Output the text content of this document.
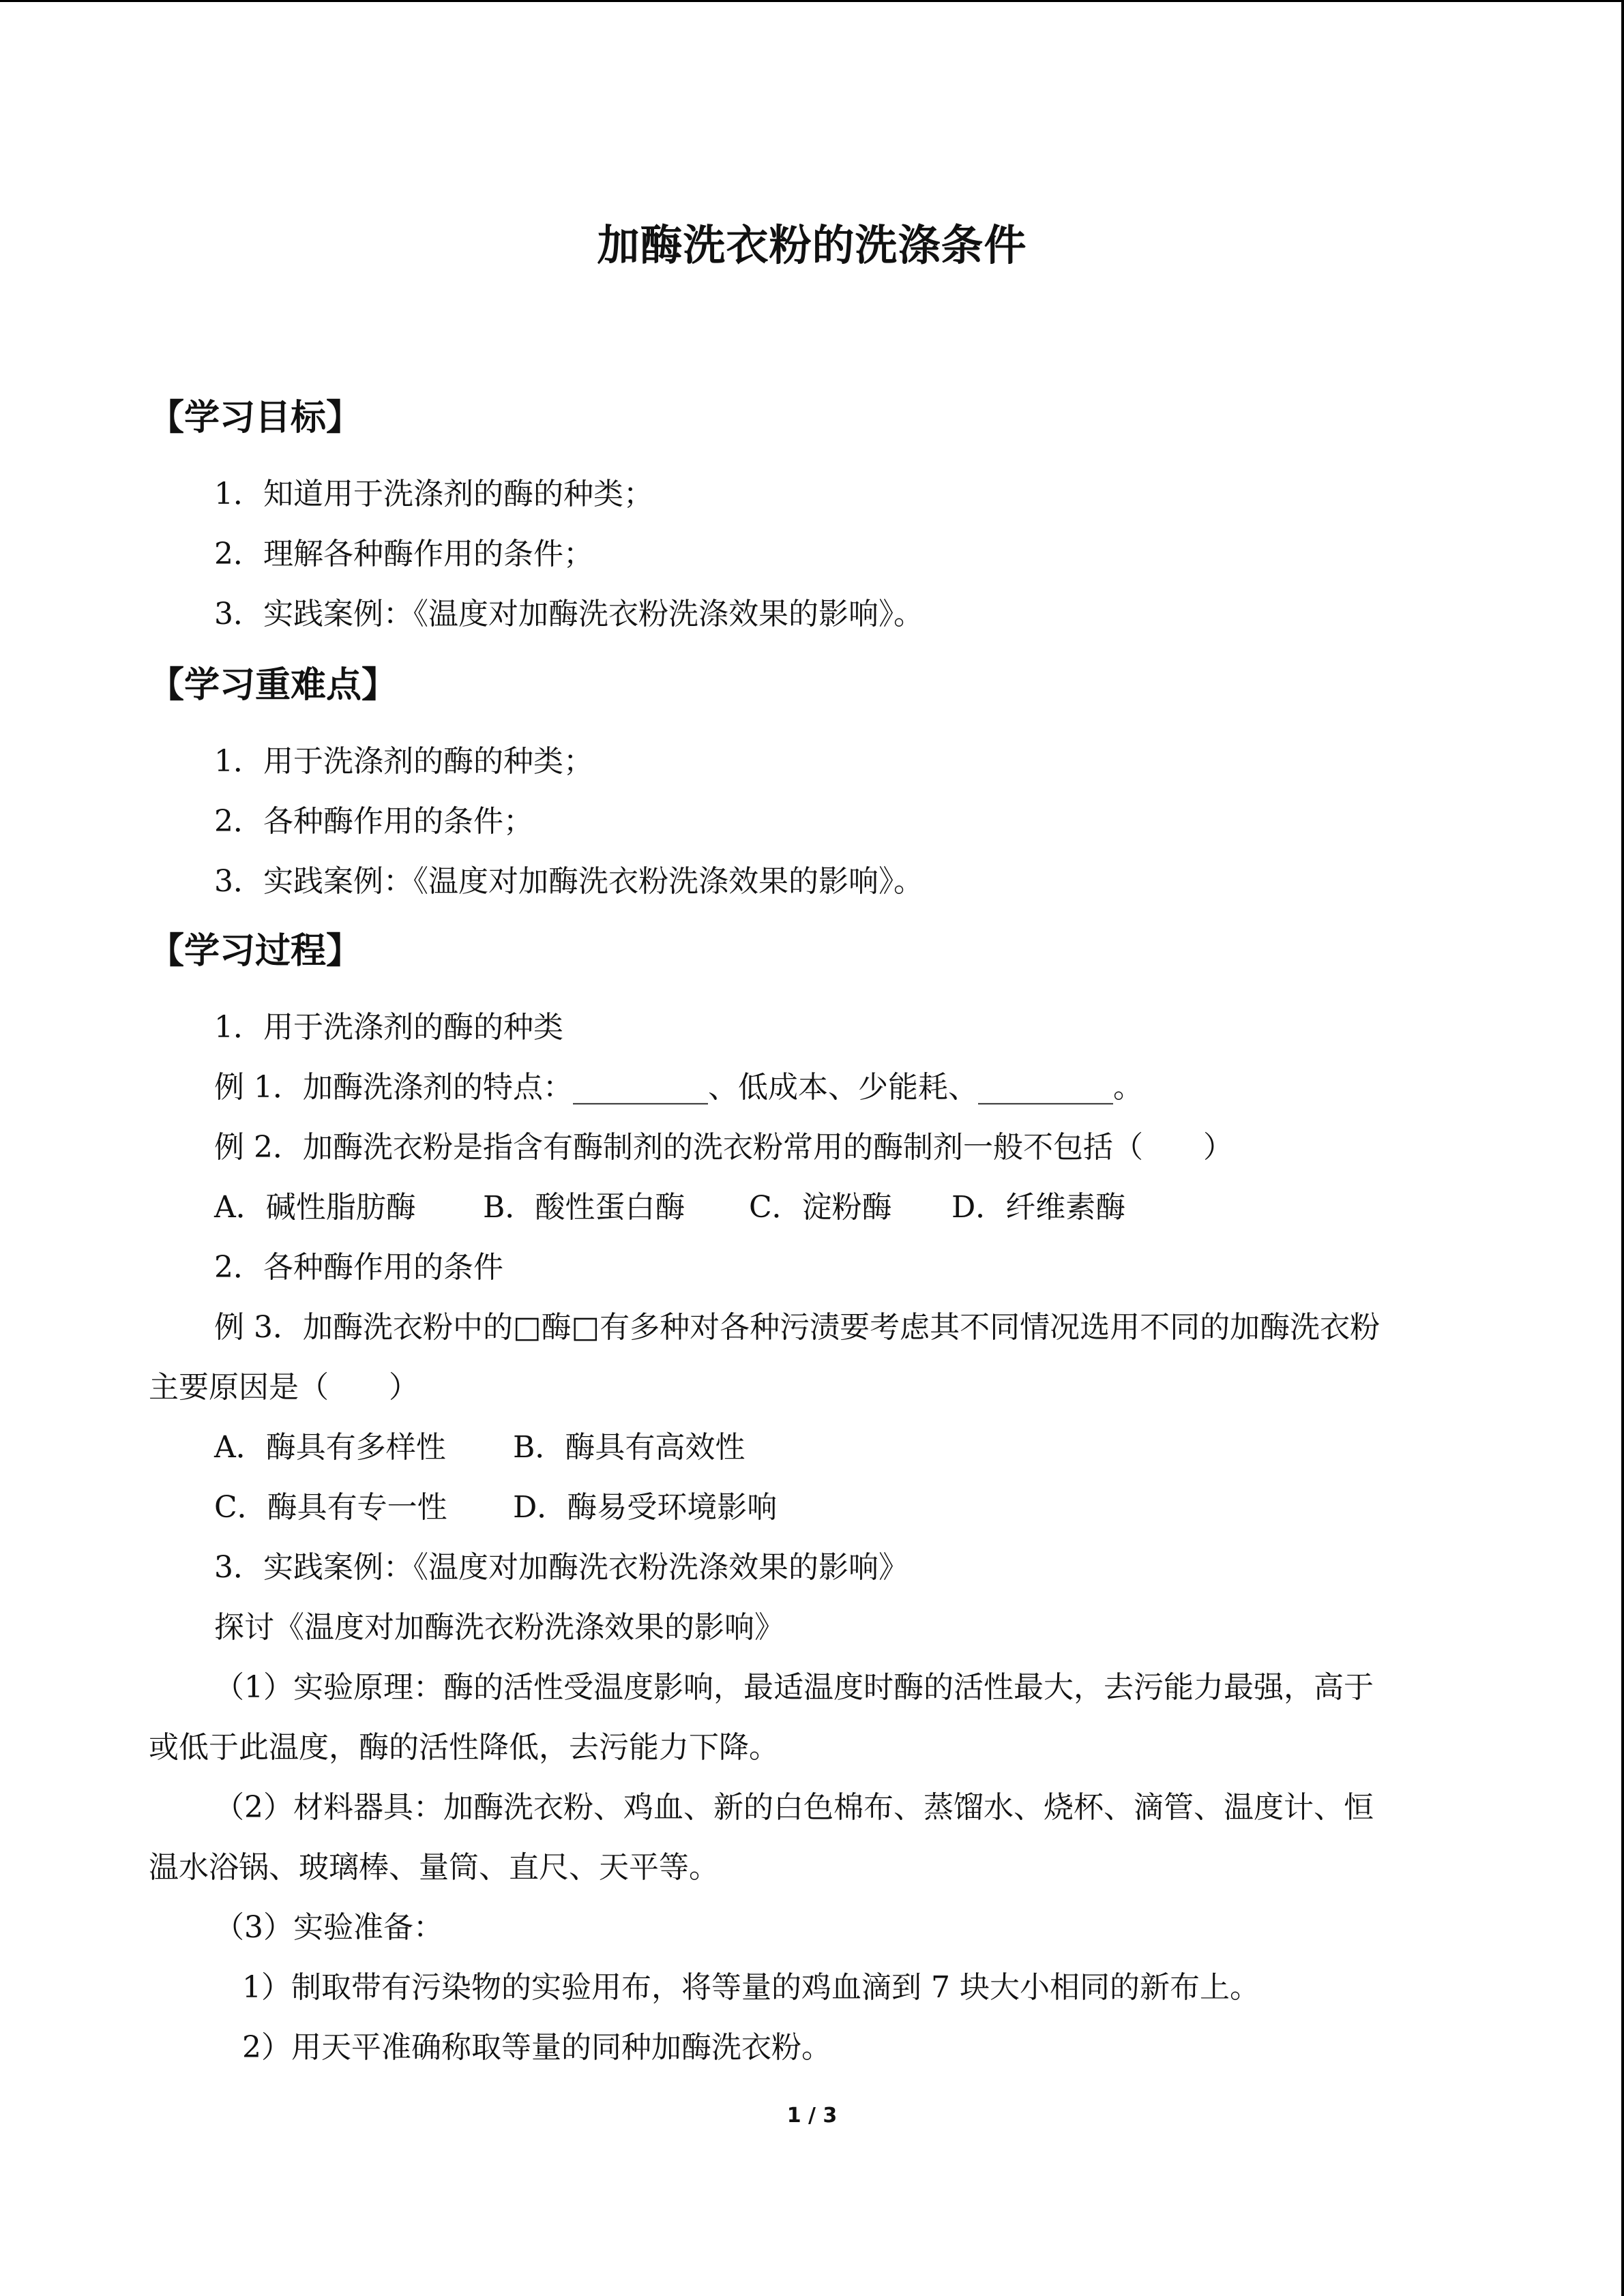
加酶洗衣粉的洗涤条件
【学习目标】
1．知道用于洗涤剂的酶的种类；
2．理解各种酶作用的条件；
3．实践案例：《温度对加酶洗衣粉洗涤效果的影响》。
【学习重难点】
1．用于洗涤剂的酶的种类；
2．各种酶作用的条件；
3．实践案例：《温度对加酶洗衣粉洗涤效果的影响》。
【学习过程】
1．用于洗涤剂的酶的种类
例 1．加酶洗涤剂的特点：_________、低成本、少能耗、_________。
例 2．加酶洗衣粉是指含有酶制剂的洗衣粉常用的酶制剂一般不包括（　　）
A．碱性脂肪酶 B．酸性蛋白酶 C．淀粉酶 D．纤维素酶
2．各种酶作用的条件
例 3．加酶洗衣粉中的□酶□有多种对各种污渍要考虑其不同情况选用不同的加酶洗衣粉
主要原因是（　　）
A．酶具有多样性 B．酶具有高效性
C．酶具有专一性 D．酶易受环境影响
3．实践案例：《温度对加酶洗衣粉洗涤效果的影响》
探讨《温度对加酶洗衣粉洗涤效果的影响》
（1）实验原理：酶的活性受温度影响，最适温度时酶的活性最大，去污能力最强，高于
或低于此温度，酶的活性降低，去污能力下降。
（2）材料器具：加酶洗衣粉、鸡血、新的白色棉布、蒸馏水、烧杯、滴管、温度计、恒
温水浴锅、玻璃棒、量筒、直尺、天平等。
（3）实验准备：
1）制取带有污染物的实验用布，将等量的鸡血滴到 7 块大小相同的新布上。
2）用天平准确称取等量的同种加酶洗衣粉。
1 / 3
